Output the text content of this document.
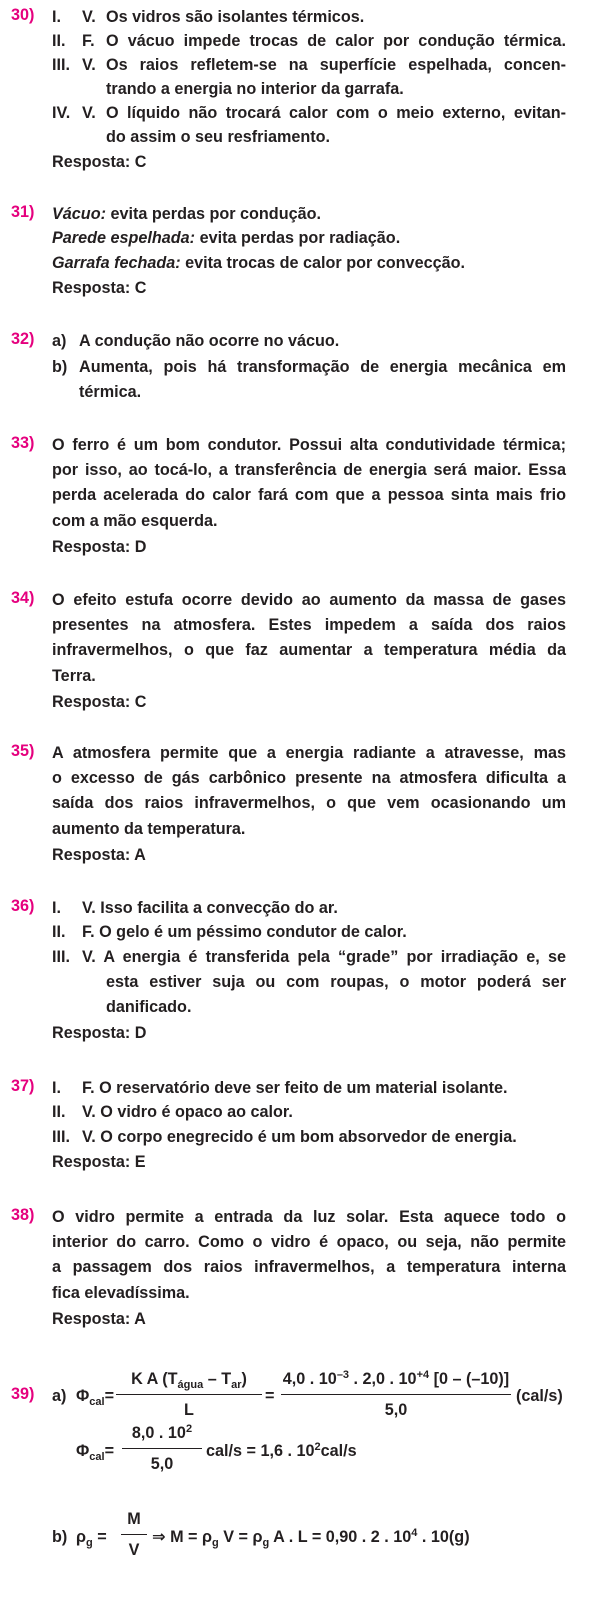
30) I. V. Os vidros são isolantes térmicos.
II. F. O vácuo impede trocas de calor por condução térmica.
III. V. Os raios refletem-se na superfície espelhada, concen-
trando a energia no interior da garrafa.
IV. V. O líquido não trocará calor com o meio externo, evitan-
do assim o seu resfriamento.
Resposta: C
31) Vácuo: evita perdas por condução.
Parede espelhada: evita perdas por radiação.
Garrafa fechada: evita trocas de calor por convecção.
Resposta: C
32) a) A condução não ocorre no vácuo.
b) Aumenta, pois há transformação de energia mecânica em
térmica.
33) O ferro é um bom condutor. Possui alta condutividade térmica;
por isso, ao tocá-lo, a transferência de energia será maior. Essa
perda acelerada do calor fará com que a pessoa sinta mais frio
com a mão esquerda.
Resposta: D
34) O efeito estufa ocorre devido ao aumento da massa de gases
presentes na atmosfera. Estes impedem a saída dos raios
infravermelhos, o que faz aumentar a temperatura média da
Terra.
Resposta: C
35) A atmosfera permite que a energia radiante a atravesse, mas
o excesso de gás carbônico presente na atmosfera dificulta a
saída dos raios infravermelhos, o que vem ocasionando um
aumento da temperatura.
Resposta: A
36) I. V. Isso facilita a convecção do ar.
II. F. O gelo é um péssimo condutor de calor.
III. V. A energia é transferida pela “grade” por irradiação e, se
esta estiver suja ou com roupas, o motor poderá ser
danificado.
Resposta: D
37) I. F. O reservatório deve ser feito de um material isolante.
II. V. O vidro é opaco ao calor.
III. V. O corpo enegrecido é um bom absorvedor de energia.
Resposta: E
38) O vidro permite a entrada da luz solar. Esta aquece todo o
interior do carro. Como o vidro é opaco, ou seja, não permite
a passagem dos raios infravermelhos, a temperatura interna
fica elevadíssima.
Resposta: A
39) a) $\Phi_{cal}=$
K A $(T_{água} - T_{ar})$
L
=
4,0 . $10^{-3}$ . 2,0 . $10^{+4}$ [0 – (–10)]
5,0
(cal/s)
$\Phi_{cal}=$
8,0 . $10^2$
5,0
cal/s = 1,6 . $10^2cal/s$
b) $\rho_g$ =
M
V
⇒ $M = \rho_g$ $V = \rho_g$ A . L = 0,90 . 2 . $10^4$ . 10(g)
